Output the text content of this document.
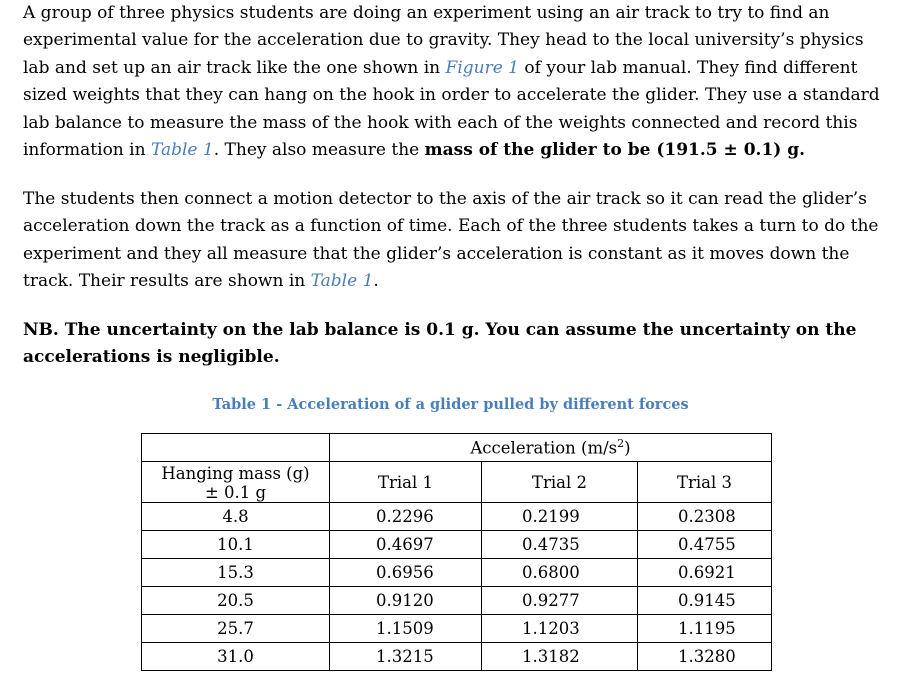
A group of three physics students are doing an experiment using an air track to try to find an experimental value for the acceleration due to gravity. They head to the local university’s physics lab and set up an air track like the one shown in Figure 1 of your lab manual. They find different sized weights that they can hang on the hook in order to accelerate the glider. They use a standard lab balance to measure the mass of the hook with each of the weights connected and record this information in Table 1. They also measure the mass of the glider to be (191.5 ± 0.1) g.

The students then connect a motion detector to the axis of the air track so it can read the glider’s acceleration down the track as a function of time. Each of the three students takes a turn to do the experiment and they all measure that the glider’s acceleration is constant as it moves down the track. Their results are shown in Table 1.

NB. The uncertainty on the lab balance is 0.1 g. You can assume the uncertainty on the accelerations is negligible.

Table 1 - Acceleration of a glider pulled by different forces
	Acceleration $(m/s^2)$		

Hanging mass (g)
± 0.1 g	Trial 1	Trial 2	Trial 3
4.8	0.2296	0.2199	0.2308
10.1	0.4697	0.4735	0.4755
15.3	0.6956	0.6800	0.6921
20.5	0.9120	0.9277	0.9145
25.7	1.1509	1.1203	1.1195
31.0	1.3215	1.3182	1.3280
